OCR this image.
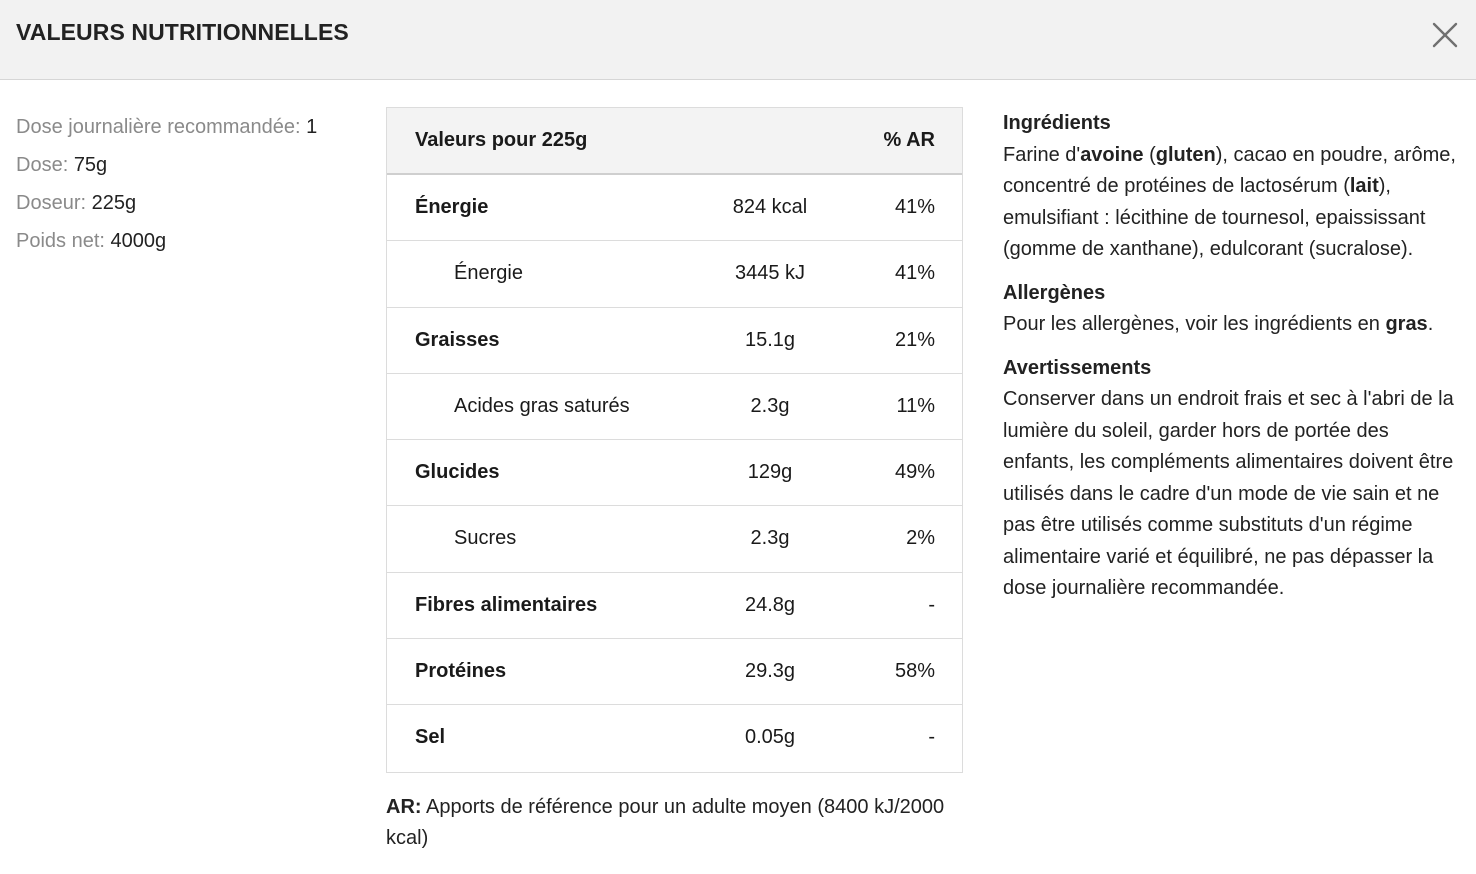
VALEURS NUTRITIONNELLES
Dose journalière recommandée: 1
Dose: 75g
Doseur: 225g
Poids net: 4000g
Valeurs pour 225g	% AR
Énergie	824 kcal	41%
Énergie	3445 kJ	41%
Graisses	15.1g	21%
Acides gras saturés	2.3g	11%
Glucides	129g	49%
Sucres	2.3g	2%
Fibres alimentaires	24.8g	-
Protéines	29.3g	58%
Sel	0.05g	-
AR: Apports de référence pour un adulte moyen (8400 kJ/2000 kcal)
Ingrédients
Farine d'avoine (gluten), cacao en poudre, arôme, concentré de protéines de lactosérum (lait), emulsifiant : lécithine de tournesol, epaississant (gomme de xanthane), edulcorant (sucralose).
Allergènes
Pour les allergènes, voir les ingrédients en gras.
Avertissements
Conserver dans un endroit frais et sec à l'abri de la lumière du soleil, garder hors de portée des enfants, les compléments alimentaires doivent être utilisés dans le cadre d'un mode de vie sain et ne pas être utilisés comme substituts d'un régime alimentaire varié et équilibré, ne pas dépasser la dose journalière recommandée.
